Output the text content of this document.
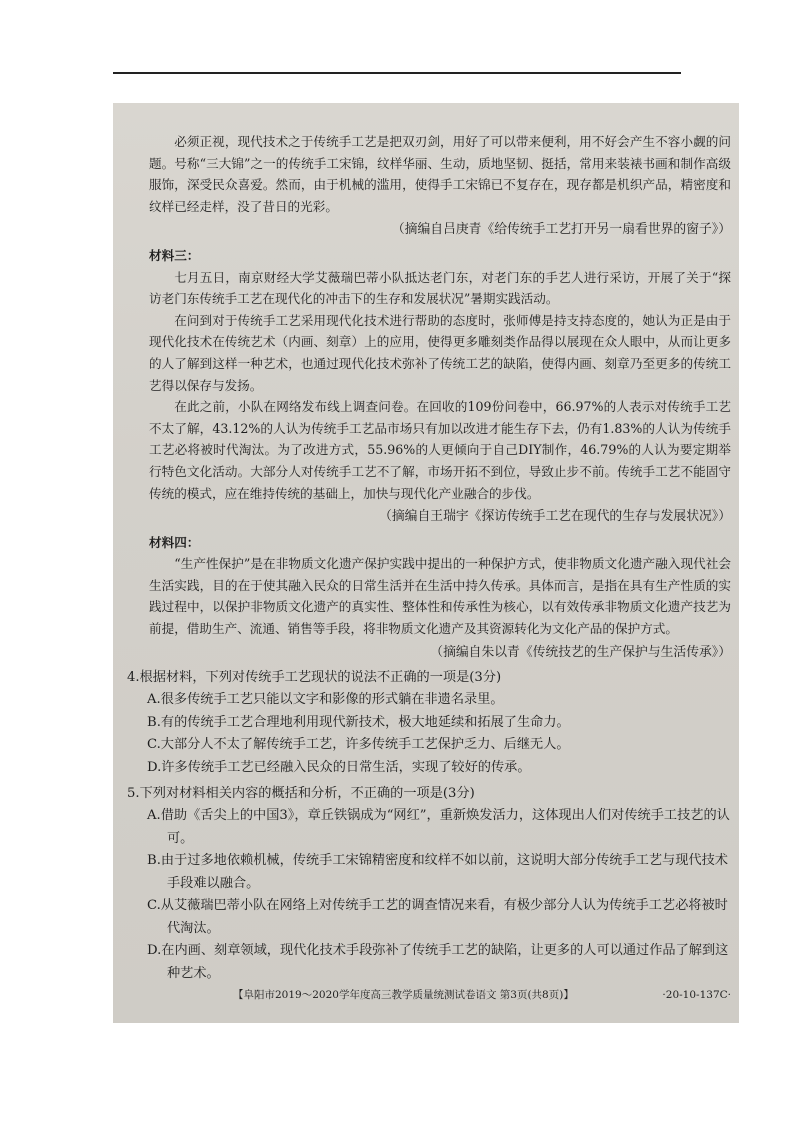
必须正视，现代技术之于传统手工艺是把双刃剑，用好了可以带来便利，用不好会产生不容小觑的问题。号称“三大锦”之一的传统手工宋锦，纹样华丽、生动，质地坚韧、挺括，常用来装裱书画和制作高级服饰，深受民众喜爱。然而，由于机械的滥用，使得手工宋锦已不复存在，现存都是机织产品，精密度和纹样已经走样，没了昔日的光彩。

（摘编自吕庚青《给传统手工艺打开另一扇看世界的窗子》）

材料三：

七月五日，南京财经大学艾薇瑞巴蒂小队抵达老门东，对老门东的手艺人进行采访，开展了关于“探访老门东传统手工艺在现代化的冲击下的生存和发展状况”暑期实践活动。

在问到对于传统手工艺采用现代化技术进行帮助的态度时，张师傅是持支持态度的，她认为正是由于现代化技术在传统艺术（内画、刻章）上的应用，使得更多雕刻类作品得以展现在众人眼中，从而让更多的人了解到这样一种艺术，也通过现代化技术弥补了传统工艺的缺陷，使得内画、刻章乃至更多的传统工艺得以保存与发扬。

在此之前，小队在网络发布线上调查问卷。在回收的109份问卷中，66.97%的人表示对传统手工艺不太了解，43.12%的人认为传统手工艺品市场只有加以改进才能生存下去，仍有1.83%的人认为传统手工艺必将被时代淘汰。为了改进方式，55.96%的人更倾向于自己DIY制作，46.79%的人认为要定期举行特色文化活动。大部分人对传统手工艺不了解，市场开拓不到位，导致止步不前。传统手工艺不能固守传统的模式，应在维持传统的基础上，加快与现代化产业融合的步伐。

（摘编自王瑞宇《探访传统手工艺在现代的生存与发展状况》）

材料四：

“生产性保护”是在非物质文化遗产保护实践中提出的一种保护方式，使非物质文化遗产融入现代社会生活实践，目的在于使其融入民众的日常生活并在生活中持久传承。具体而言，是指在具有生产性质的实践过程中，以保护非物质文化遗产的真实性、整体性和传承性为核心，以有效传承非物质文化遗产技艺为前提，借助生产、流通、销售等手段，将非物质文化遗产及其资源转化为文化产品的保护方式。

（摘编自朱以青《传统技艺的生产保护与生活传承》）

4.根据材料，下列对传统手工艺现状的说法不正确的一项是(3分)

A.很多传统手工艺只能以文字和影像的形式躺在非遗名录里。

B.有的传统手工艺合理地利用现代新技术，极大地延续和拓展了生命力。

C.大部分人不太了解传统手工艺，许多传统手工艺保护乏力、后继无人。

D.许多传统手工艺已经融入民众的日常生活，实现了较好的传承。

5.下列对材料相关内容的概括和分析，不正确的一项是(3分)

A.借助《舌尖上的中国3》，章丘铁锅成为“网红”，重新焕发活力，这体现出人们对传统手工技艺的认可。

B.由于过多地依赖机械，传统手工宋锦精密度和纹样不如以前，这说明大部分传统手工艺与现代技术手段难以融合。

C.从艾薇瑞巴蒂小队在网络上对传统手工艺的调查情况来看，有极少部分人认为传统手工艺必将被时代淘汰。

D.在内画、刻章领域，现代化技术手段弥补了传统手工艺的缺陷，让更多的人可以通过作品了解到这种艺术。

【阜阳市2019～2020学年度高三教学质量统测试卷语文 第3页(共8页)】	·20-10-137C·
